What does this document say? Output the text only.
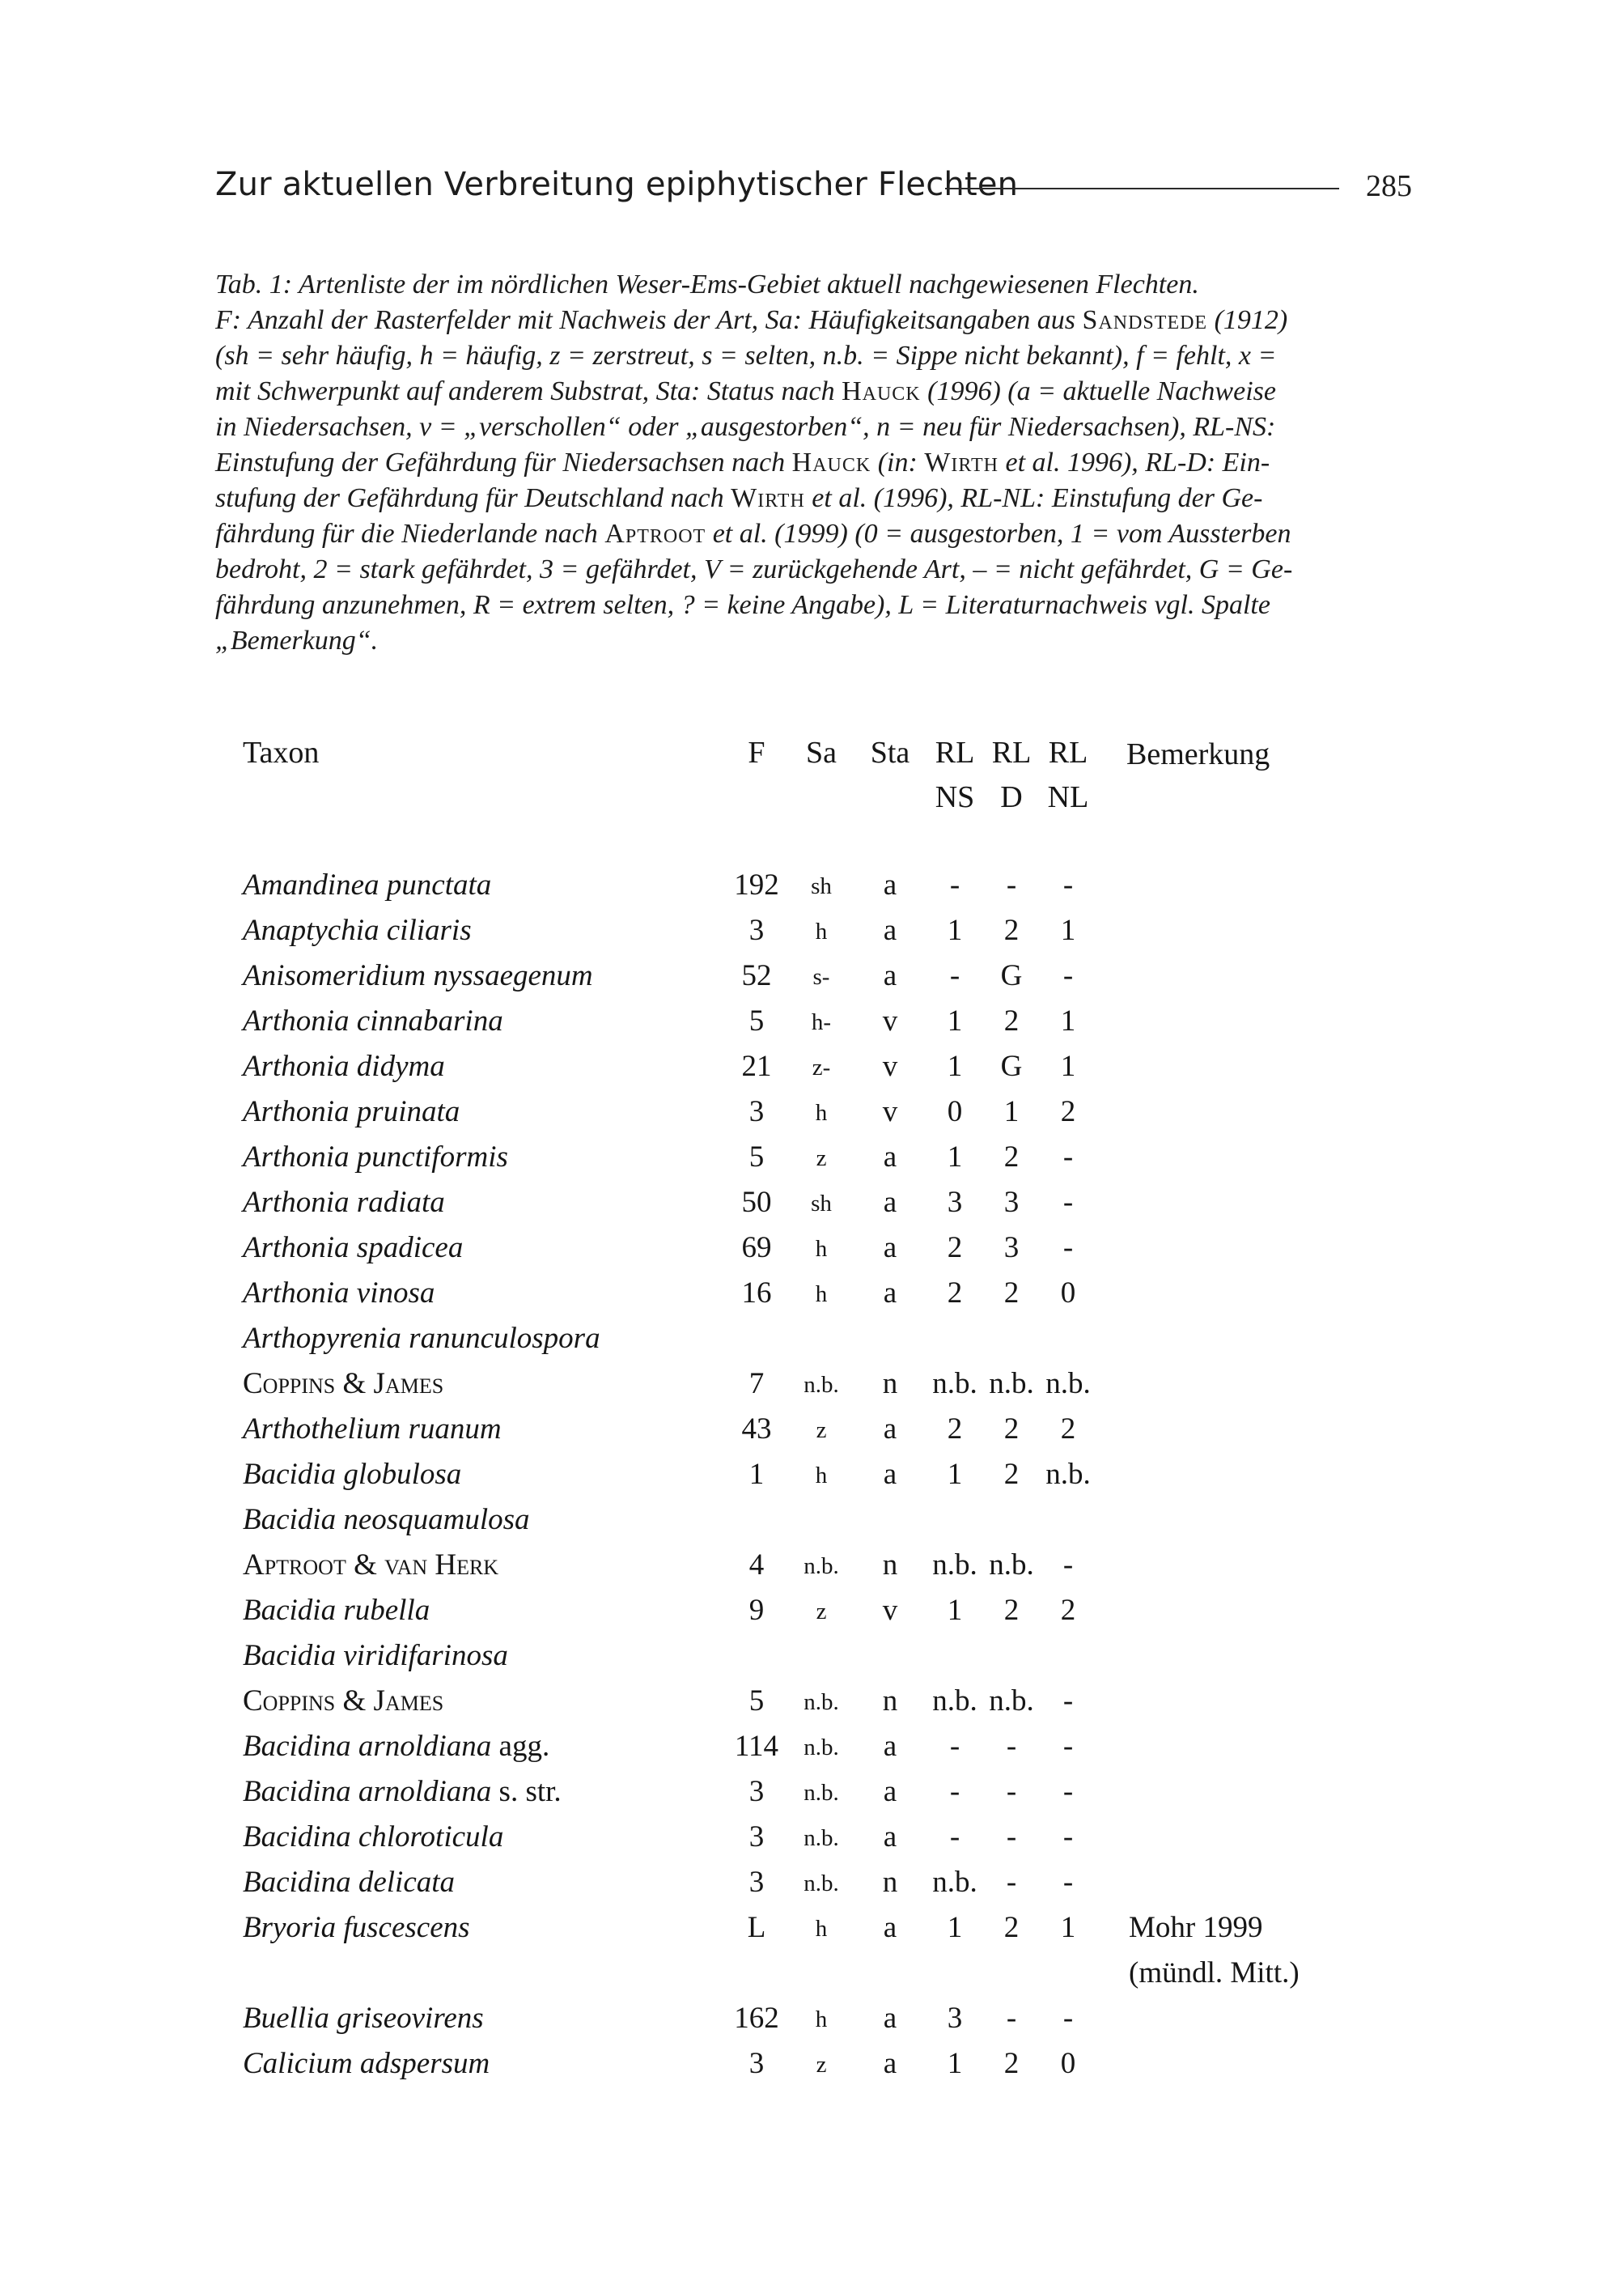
Zur aktuellen Verbreitung epiphytischer Flechten	285
Tab. 1: Artenliste der im nördlichen Weser-Ems-Gebiet aktuell nachgewiesenen Flechten.
F: Anzahl der Rasterfelder mit Nachweis der Art, Sa: Häufigkeitsangaben aus Sandstede (1912)
(sh = sehr häufig, h = häufig, z = zerstreut, s = selten, n.b. = Sippe nicht bekannt), f = fehlt, x =
mit Schwerpunkt auf anderem Substrat, Sta: Status nach Hauck (1996) (a = aktuelle Nachweise
in Niedersachsen, v = „verschollen“ oder „ausgestorben“, n = neu für Niedersachsen), RL-NS:
Einstufung der Gefährdung für Niedersachsen nach Hauck (in: Wirth et al. 1996), RL-D: Ein-
stufung der Gefährdung für Deutschland nach Wirth et al. (1996), RL-NL: Einstufung der Ge-
fährdung für die Niederlande nach Aptroot et al. (1999) (0 = ausgestorben, 1 = vom Aussterben
bedroht, 2 = stark gefährdet, 3 = gefährdet, V = zurückgehende Art, – = nicht gefährdet, G = Ge-
fährdung anzunehmen, R = extrem selten, ? = keine Angabe), L = Literaturnachweis vgl. Spalte
„Bemerkung“.
Taxon	F Sa	Sta RL RL RL
NS D NL
Bemerkung
Amandinea punctata	192	sh	a	-	-	-
Anaptychia ciliaris	3	h	a	1	2	1
Anisomeridium nyssaegenum	52	s-	a	-	G	-
Arthonia cinnabarina	5	h-	v	1	2	1
Arthonia didyma	21	z-	v	1	G	1
Arthonia pruinata	3	h	v	0	1	2
Arthonia punctiformis	5	z	a	1	2	-
Arthonia radiata	50	sh	a	3	3	-
Arthonia spadicea	69	h	a	2	3	-
Arthonia vinosa	16	h	a	2	2	0
Arthopyrenia ranunculospora
Coppins & James	7	n.b.	n	n.b. n.b. n.b.
Arthothelium ruanum	43	z	a	2	2	2
Bacidia globulosa	1	h	a	1	2 n.b.
Bacidia neosquamulosa
Aptroot & van Herk	4	n.b.	n	n.b. n.b. -
Bacidia rubella	9	z	v	1	2	2
Bacidia viridifarinosa
Coppins & James	5	n.b.	n	n.b. n.b. -
Bacidina arnoldiana agg.	114	n.b.	a	-	-	-
Bacidina arnoldiana s. str.	3	n.b.	a	-	-	-
Bacidina chloroticula	3	n.b.	a	-	-	-
Bacidina delicata	3	n.b.	n	n.b. -	-
Bryoria fuscescens	L	h	a	1	2	1	Mohr 1999
(mündl. Mitt.)
Buellia griseovirens	162	h	a	3	-	-
Calicium adspersum	3	z	a	1	2	0
